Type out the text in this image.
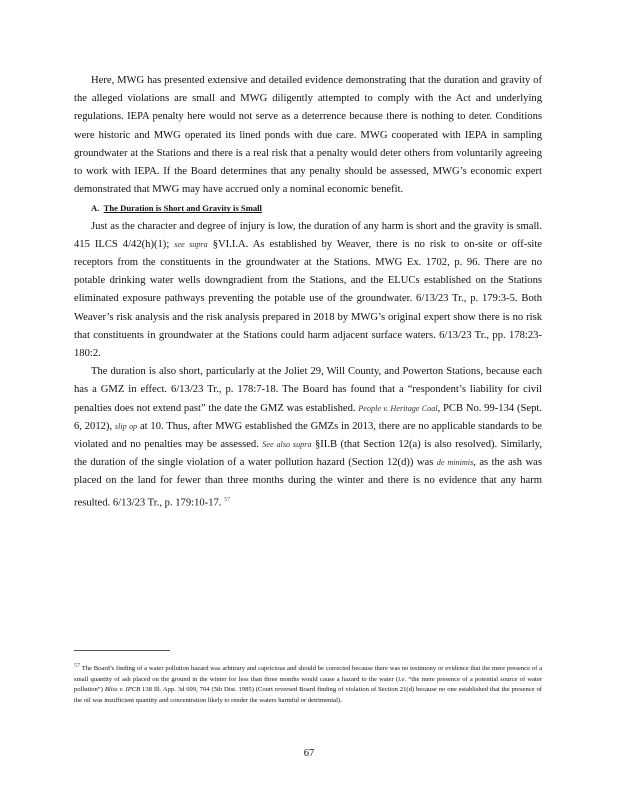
Here, MWG has presented extensive and detailed evidence demonstrating that the duration and gravity of the alleged violations are small and MWG diligently attempted to comply with the Act and underlying regulations. IEPA penalty here would not serve as a deterrence because there is nothing to deter. Conditions were historic and MWG operated its lined ponds with due care. MWG cooperated with IEPA in sampling groundwater at the Stations and there is a real risk that a penalty would deter others from voluntarily agreeing to work with IEPA. If the Board determines that any penalty should be assessed, MWG’s economic expert demonstrated that MWG may have accrued only a nominal economic benefit.

A. The Duration is Short and Gravity is Small

Just as the character and degree of injury is low, the duration of any harm is short and the gravity is small. 415 ILCS 4/42(h)(1); see supra §VI.I.A. As established by Weaver, there is no risk to on-site or off-site receptors from the constituents in the groundwater at the Stations. MWG Ex. 1702, p. 96. There are no potable drinking water wells downgradient from the Stations, and the ELUCs established on the Stations eliminated exposure pathways preventing the potable use of the groundwater. 6/13/23 Tr., p. 179:3-5. Both Weaver’s risk analysis and the risk analysis prepared in 2018 by MWG’s original expert show there is no risk that constituents in groundwater at the Stations could harm adjacent surface waters. 6/13/23 Tr., pp. 178:23-180:2.

The duration is also short, particularly at the Joliet 29, Will County, and Powerton Stations, because each has a GMZ in effect. 6/13/23 Tr., p. 178:7-18. The Board has found that a “respondent’s liability for civil penalties does not extend past” the date the GMZ was established. People v. Heritage Coal, PCB No. 99-134 (Sept. 6, 2012), slip op at 10. Thus, after MWG established the GMZs in 2013, there are no applicable standards to be violated and no penalties may be assessed. See also supra §II.B (that Section 12(a) is also resolved). Similarly, the duration of the single violation of a water pollution hazard (Section 12(d)) was de minimis, as the ash was placed on the land for fewer than three months during the winter and there is no evidence that any harm resulted. 6/13/23 Tr., p. 179:10-17. $^{57}$

57 The Board’s finding of a water pollution hazard was arbitrary and capricious and should be corrected because there was no testimony or evidence that the mere presence of a small quantity of ash placed on the ground in the winter for less than three months would cause a hazard to the water (i.e. “the mere presence of a potential source of water pollution”) Bliss v. IPCB 138 Ill. App. 3d 699, 704 (5th Dist. 1985) (Court reversed Board finding of violation of Section 21(d) because no one established that the presence of the oil was insufficient quantity and concentration likely to render the waters harmful or detrimental).

67
